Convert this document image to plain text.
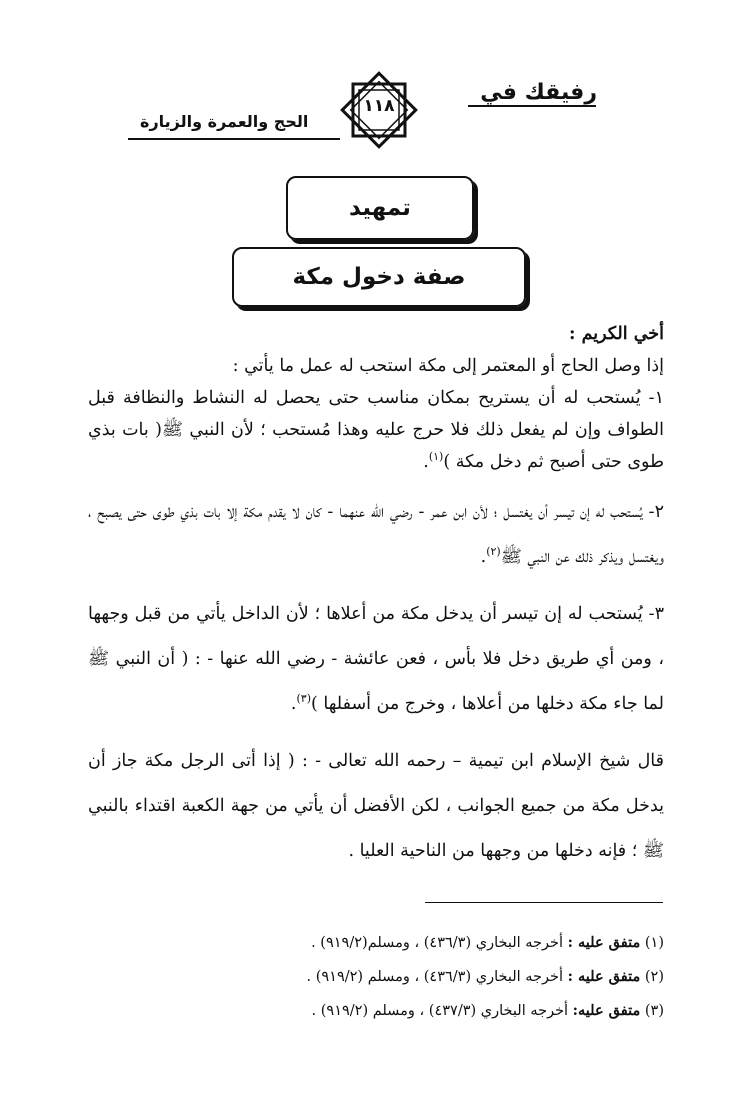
رفيقك في
١١٨
الحج والعمرة والزيارة
تمهيد
صفة دخول مكة

أخي الكريم :

إذا وصل الحاج أو المعتمر إلى مكة استحب له عمل ما يأتي :

١- يُستحب له أن يستريح بمكان مناسب حتى يحصل له النشاط والنظافة قبل الطواف وإن لم يفعل ذلك فلا حرج عليه وهذا مُستحب ؛ لأن النبي ﷺ( بات بذي طوى حتى أصبح ثم دخل مكة )$^{(١)}$.

٢- يُستحب له إن تيسر أن يغتسل ؛ لأن ابن عمر - رضي الله عنهما - كان لا يقدم مكة إلا بات بذي طوى حتى يصبح ، ويغتسل ويذكر ذلك عن النبي ﷺ$^{(٢)}$.

٣- يُستحب له إن تيسر أن يدخل مكة من أعلاها ؛ لأن الداخل يأتي من قبل وجهها ، ومن أي طريق دخل فلا بأس ، فعن عائشة - رضي الله عنها - : ( أن النبي ﷺ لما جاء مكة دخلها من أعلاها ، وخرج من أسفلها )$^{(٣)}$.

قال شيخ الإسلام ابن تيمية – رحمه الله تعالى - : ( إذا أتى الرجل مكة جاز أن يدخل مكة من جميع الجوانب ، لكن الأفضل أن يأتي من جهة الكعبة اقتداء بالنبي ﷺ ؛ فإنه دخلها من وجهها من الناحية العليا .

(١) متفق عليه : أخرجه البخاري (٤٣٦/٣) ، ومسلم(٩١٩/٢) .

(٢) متفق عليه : أخرجه البخاري (٤٣٦/٣) ، ومسلم (٩١٩/٢) .

(٣) متفق عليه: أخرجه البخاري (٤٣٧/٣) ، ومسلم (٩١٩/٢) .
